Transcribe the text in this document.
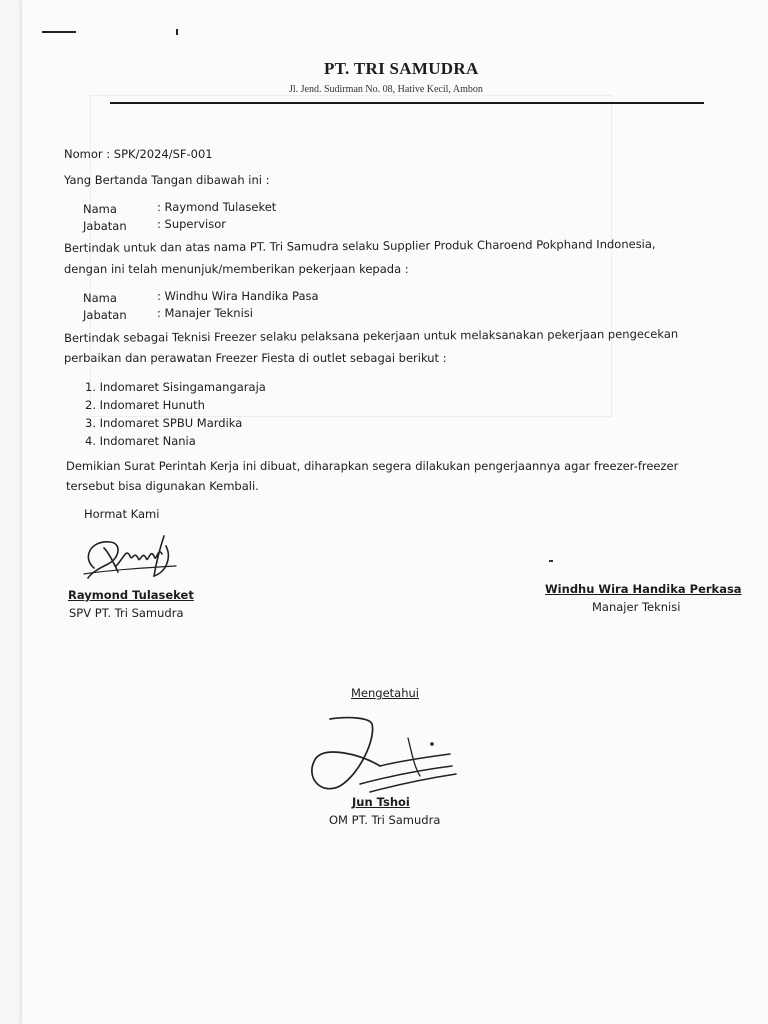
PT. TRI SAMUDRA
Jl. Jend. Sudirman No. 08, Hative Kecil, Ambon
Nomor : SPK/2024/SF-001
Yang Bertanda Tangan dibawah ini :
Nama	: Raymond Tulaseket
Jabatan	: Supervisor
Bertindak untuk dan atas nama PT. Tri Samudra selaku Supplier Produk Charoend Pokphand Indonesia,
dengan ini telah menunjuk/memberikan pekerjaan kepada :
Nama	: Windhu Wira Handika Pasa
Jabatan	: Manajer Teknisi
Bertindak sebagai Teknisi Freezer selaku pelaksana pekerjaan untuk melaksanakan pekerjaan pengecekan
perbaikan dan perawatan Freezer Fiesta di outlet sebagai berikut :
1. Indomaret Sisingamangaraja
2. Indomaret Hunuth
3. Indomaret SPBU Mardika
4. Indomaret Nania
Demikian Surat Perintah Kerja ini dibuat, diharapkan segera dilakukan pengerjaannya agar freezer-freezer
tersebut bisa digunakan Kembali.
Hormat Kami
Raymond Tulaseket
SPV PT. Tri Samudra
Windhu Wira Handika Perkasa
Manajer Teknisi
Mengetahui
Jun Tshoi
OM PT. Tri Samudra
